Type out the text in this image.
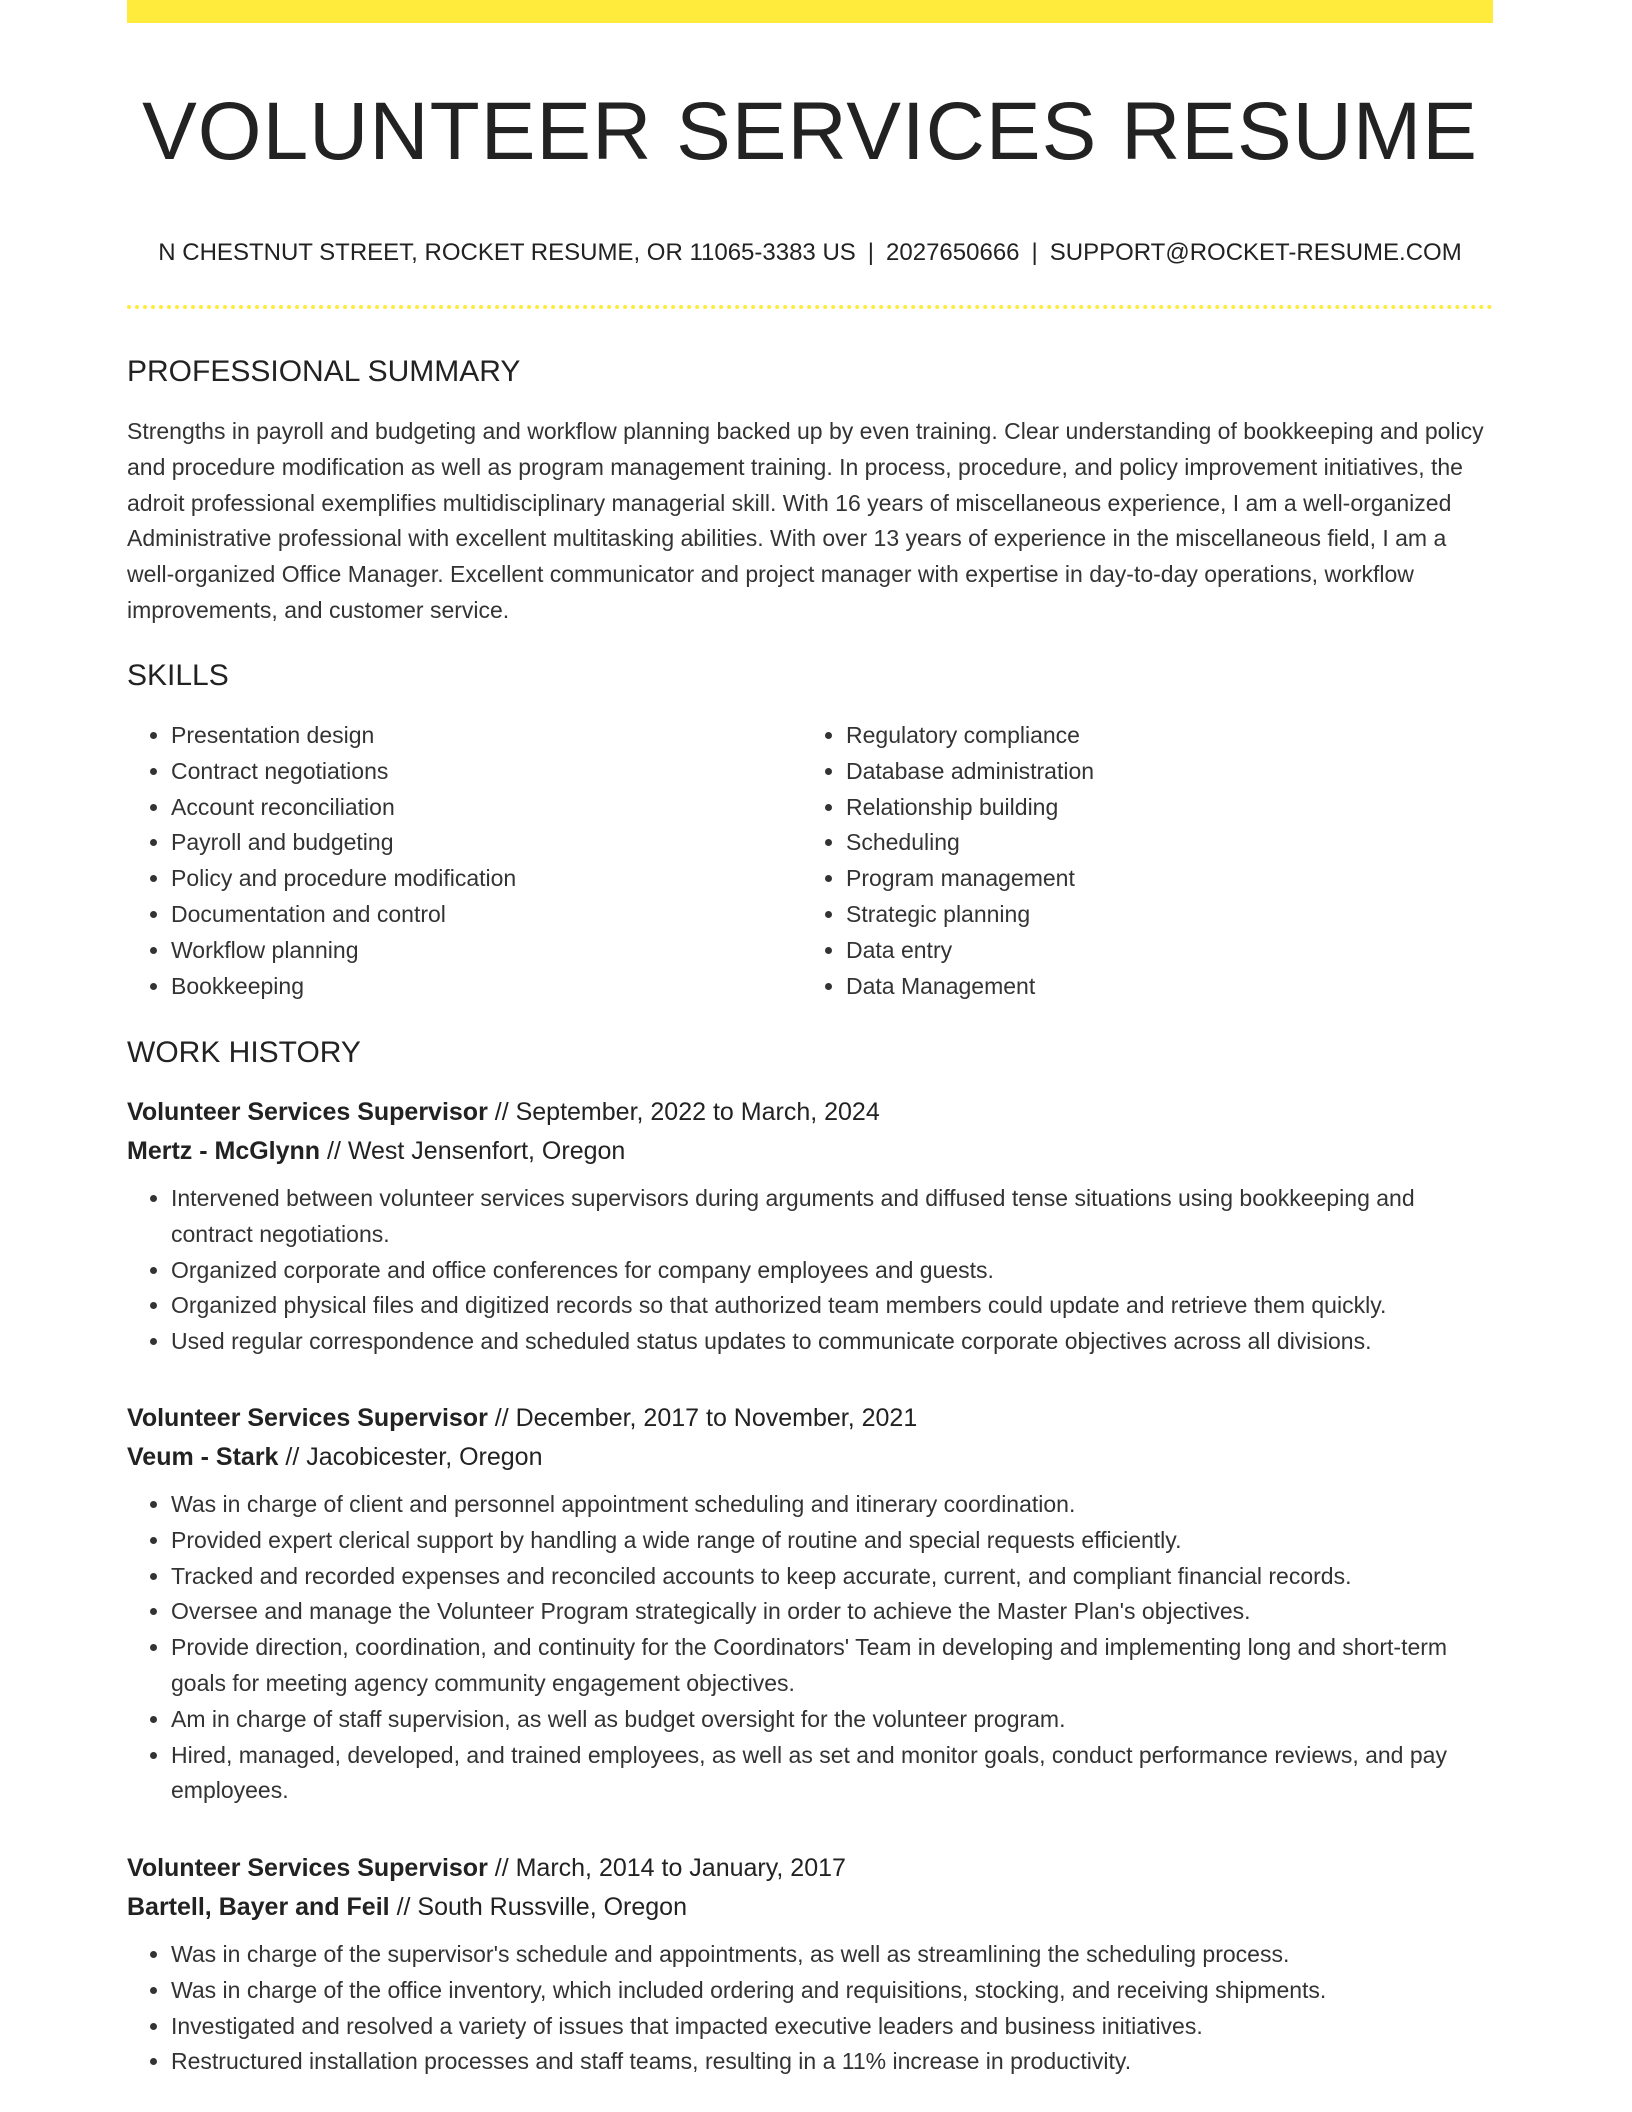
VOLUNTEER SERVICES RESUME
N CHESTNUT STREET, ROCKET RESUME, OR 11065-3383 US | 2027650666 | SUPPORT@ROCKET-RESUME.COM
PROFESSIONAL SUMMARY
Strengths in payroll and budgeting and workflow planning backed up by even training. Clear understanding of bookkeeping and policy and procedure modification as well as program management training. In process, procedure, and policy improvement initiatives, the adroit professional exemplifies multidisciplinary managerial skill. With 16 years of miscellaneous experience, I am a well-organized Administrative professional with excellent multitasking abilities. With over 13 years of experience in the miscellaneous field, I am a well-organized Office Manager. Excellent communicator and project manager with expertise in day-to-day operations, workflow improvements, and customer service.
SKILLS
• Presentation design
• Contract negotiations
• Account reconciliation
• Payroll and budgeting
• Policy and procedure modification
• Documentation and control
• Workflow planning
• Bookkeeping
• Regulatory compliance
• Database administration
• Relationship building
• Scheduling
• Program management
• Strategic planning
• Data entry
• Data Management
WORK HISTORY
Volunteer Services Supervisor // September, 2022 to March, 2024
Mertz - McGlynn // West Jensenfort, Oregon
• Intervened between volunteer services supervisors during arguments and diffused tense situations using bookkeeping and contract negotiations.
• Organized corporate and office conferences for company employees and guests.
• Organized physical files and digitized records so that authorized team members could update and retrieve them quickly.
• Used regular correspondence and scheduled status updates to communicate corporate objectives across all divisions.
Volunteer Services Supervisor // December, 2017 to November, 2021
Veum - Stark // Jacobicester, Oregon
• Was in charge of client and personnel appointment scheduling and itinerary coordination.
• Provided expert clerical support by handling a wide range of routine and special requests efficiently.
• Tracked and recorded expenses and reconciled accounts to keep accurate, current, and compliant financial records.
• Oversee and manage the Volunteer Program strategically in order to achieve the Master Plan's objectives.
• Provide direction, coordination, and continuity for the Coordinators' Team in developing and implementing long and short-term goals for meeting agency community engagement objectives.
• Am in charge of staff supervision, as well as budget oversight for the volunteer program.
• Hired, managed, developed, and trained employees, as well as set and monitor goals, conduct performance reviews, and pay employees.
Volunteer Services Supervisor // March, 2014 to January, 2017
Bartell, Bayer and Feil // South Russville, Oregon
• Was in charge of the supervisor's schedule and appointments, as well as streamlining the scheduling process.
• Was in charge of the office inventory, which included ordering and requisitions, stocking, and receiving shipments.
• Investigated and resolved a variety of issues that impacted executive leaders and business initiatives.
• Restructured installation processes and staff teams, resulting in a 11% increase in productivity.
